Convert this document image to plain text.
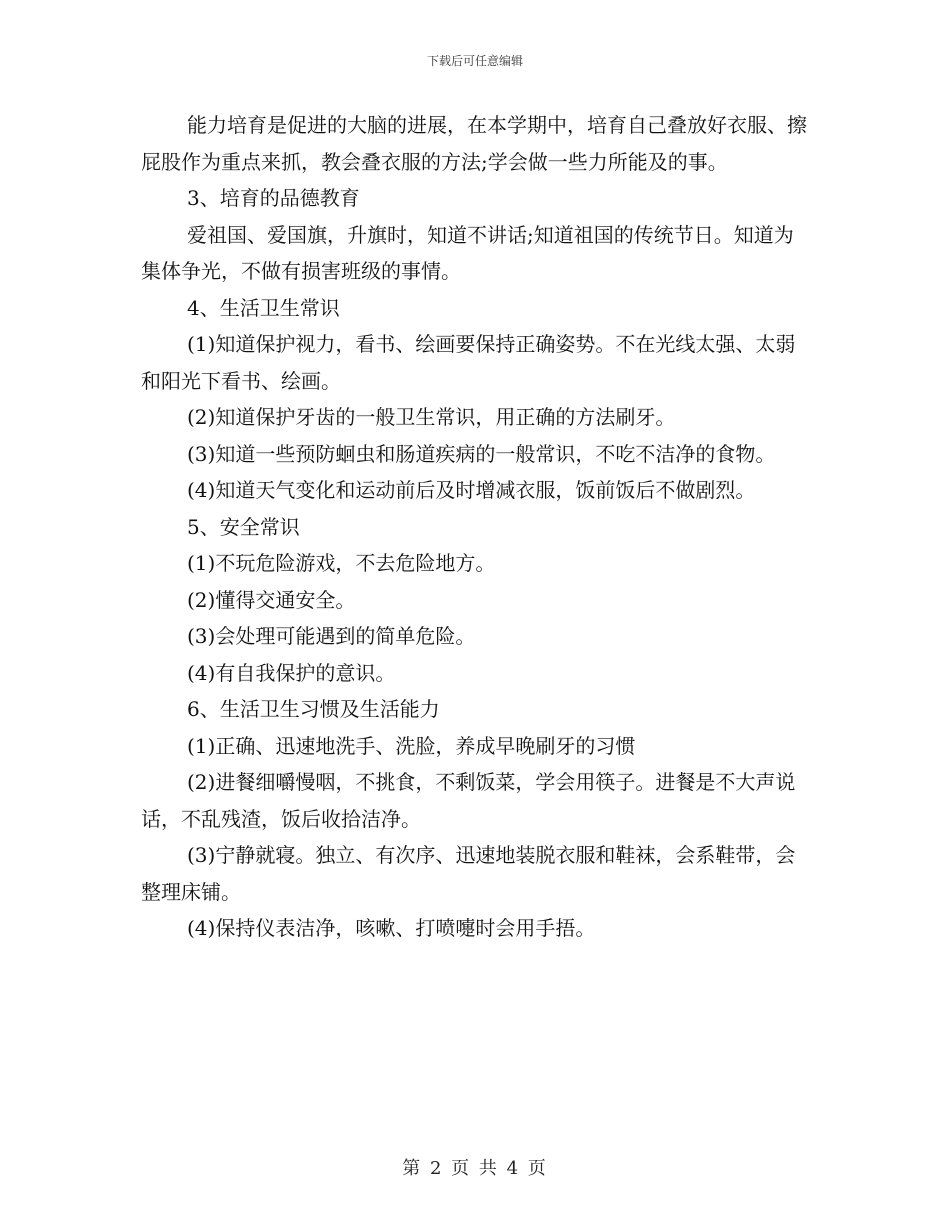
下载后可任意编辑

能力培育是促进的大脑的进展，在本学期中，培育自己叠放好衣服、擦屁股作为重点来抓，教会叠衣服的方法;学会做一些力所能及的事。

3、培育的品德教育

爱祖国、爱国旗，升旗时，知道不讲话;知道祖国的传统节日。知道为集体争光，不做有损害班级的事情。

4、生活卫生常识

(1)知道保护视力，看书、绘画要保持正确姿势。不在光线太强、太弱和阳光下看书、绘画。

(2)知道保护牙齿的一般卫生常识，用正确的方法刷牙。

(3)知道一些预防蛔虫和肠道疾病的一般常识，不吃不洁净的食物。

(4)知道天气变化和运动前后及时增减衣服，饭前饭后不做剧烈。

5、安全常识

(1)不玩危险游戏，不去危险地方。

(2)懂得交通安全。

(3)会处理可能遇到的简单危险。

(4)有自我保护的意识。

6、生活卫生习惯及生活能力

(1)正确、迅速地洗手、洗脸，养成早晚刷牙的习惯

(2)进餐细嚼慢咽，不挑食，不剩饭菜，学会用筷子。进餐是不大声说话，不乱残渣，饭后收拾洁净。

(3)宁静就寝。独立、有次序、迅速地装脱衣服和鞋袜，会系鞋带，会整理床铺。

(4)保持仪表洁净，咳嗽、打喷嚏时会用手捂。

第 2 页 共 4 页
